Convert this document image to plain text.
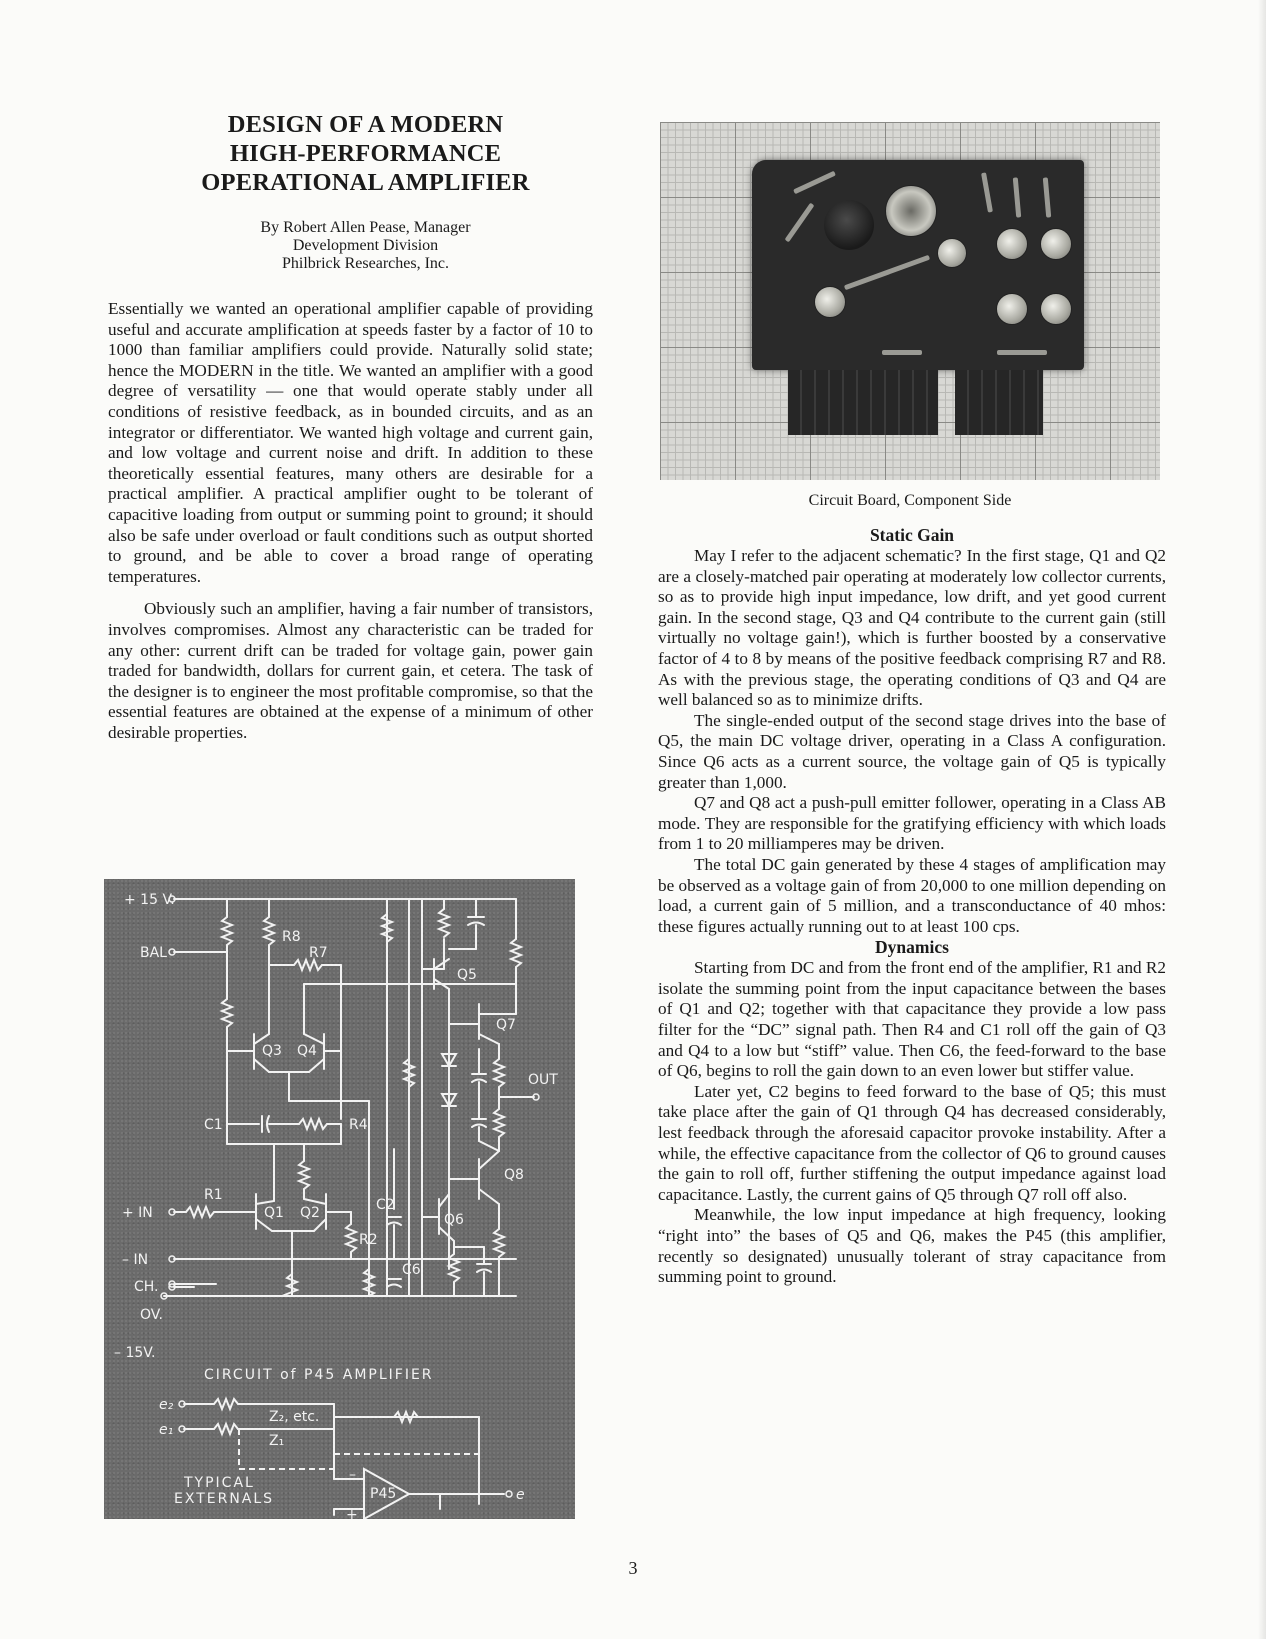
DESIGN OF A MODERN
HIGH-PERFORMANCE
OPERATIONAL AMPLIFIER
By Robert Allen Pease, Manager
Development Division
Philbrick Researches, Inc.

Essentially we wanted an operational amplifier capable of providing useful and accurate amplification at speeds faster by a factor of 10 to 1000 than familiar amplifiers could provide. Naturally solid state; hence the MODERN in the title. We wanted an amplifier with a good degree of versatility — one that would operate stably under all conditions of resistive feedback, as in bounded circuits, and as an integrator or differentiator. We wanted high voltage and current gain, and low voltage and current noise and drift. In addition to these theoretically essential features, many others are desirable for a practical amplifier. A practical amplifier ought to be tolerant of capacitive loading from output or summing point to ground; it should also be safe under overload or fault conditions such as output shorted to ground, and be able to cover a broad range of operating temperatures.

Obviously such an amplifier, having a fair number of transistors, involves compromises. Almost any characteristic can be traded for any other: current drift can be traded for voltage gain, power gain traded for bandwidth, dollars for current gain, et cetera. The task of the designer is to engineer the most profitable compromise, so that the essential features are obtained at the expense of a minimum of other desirable properties.

+ 15 V.
BAL
+ IN
– IN
CH.
OV.
– 15V.
OUT
R8
R7
Q3 Q4
C1	R4
R1
Q1 Q2
R2
C2
C6
Q5
Q6
Q7
Q8
CIRCUIT of P45 AMPLIFIER
e₂
e₁
Z₂, etc.
Z₁
P45	e
–
+
TYPICAL
EXTERNALS
Circuit Board, Component Side
Static Gain

May I refer to the adjacent schematic? In the first stage, Q1 and Q2 are a closely-matched pair operating at moderately low collector currents, so as to provide high input impedance, low drift, and yet good current gain. In the second stage, Q3 and Q4 contribute to the current gain (still virtually no voltage gain!), which is further boosted by a conservative factor of 4 to 8 by means of the positive feedback comprising R7 and R8. As with the previous stage, the operating conditions of Q3 and Q4 are well balanced so as to minimize drifts.

The single-ended output of the second stage drives into the base of Q5, the main DC voltage driver, operating in a Class A configuration. Since Q6 acts as a current source, the voltage gain of Q5 is typically greater than 1,000.

Q7 and Q8 act a push-pull emitter follower, operating in a Class AB mode. They are responsible for the gratifying efficiency with which loads from 1 to 20 milliamperes may be driven.

The total DC gain generated by these 4 stages of amplification may be observed as a voltage gain of from 20,000 to one million depending on load, a current gain of 5 million, and a transconductance of 40 mhos: these figures actually running out to at least 100 cps.

Dynamics

Starting from DC and from the front end of the amplifier, R1 and R2 isolate the summing point from the input capacitance between the bases of Q1 and Q2; together with that capacitance they provide a low pass filter for the “DC” signal path. Then R4 and C1 roll off the gain of Q3 and Q4 to a low but “stiff” value. Then C6, the feed-forward to the base of Q6, begins to roll the gain down to an even lower but stiffer value.

Later yet, C2 begins to feed forward to the base of Q5; this must take place after the gain of Q1 through Q4 has decreased considerably, lest feedback through the aforesaid capacitor provoke instability. After a while, the effective capacitance from the collector of Q6 to ground causes the gain to roll off, further stiffening the output impedance against load capacitance. Lastly, the current gains of Q5 through Q7 roll off also.

Meanwhile, the low input impedance at high frequency, looking “right into” the bases of Q5 and Q6, makes the P45 (this amplifier, recently so designated) unusually tolerant of stray capacitance from summing point to ground.

3
